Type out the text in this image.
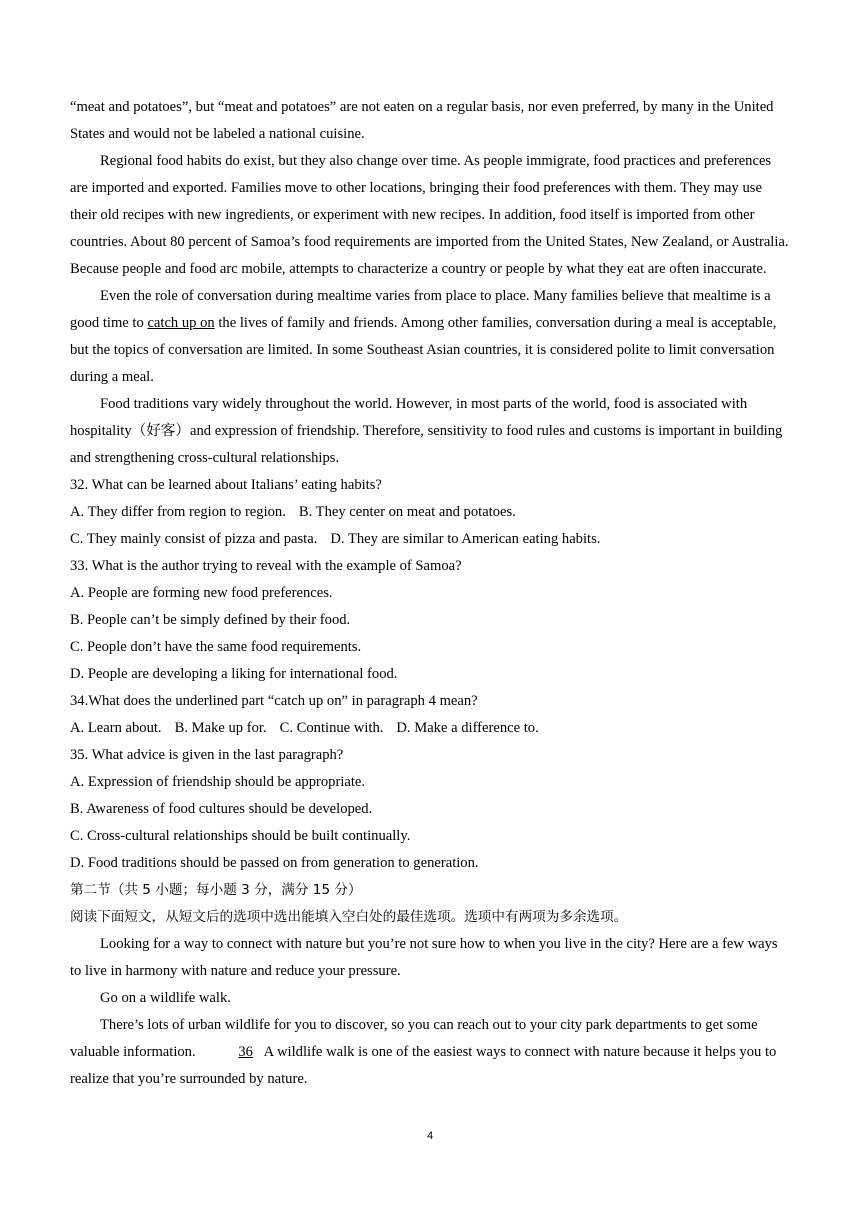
“meat and potatoes”, but “meat and potatoes” are not eaten on a regular basis, nor even preferred, by many in the United States and would not be labeled a national cuisine.

Regional food habits do exist, but they also change over time. As people immigrate, food practices and preferences are imported and exported. Families move to other locations, bringing their food preferences with them. They may use their old recipes with new ingredients, or experiment with new recipes. In addition, food itself is imported from other countries. About 80 percent of Samoa’s food requirements are imported from the United States, New Zealand, or Australia. Because people and food arc mobile, attempts to characterize a country or people by what they eat are often inaccurate.

Even the role of conversation during mealtime varies from place to place. Many families believe that mealtime is a good time to catch up on the lives of family and friends. Among other families, conversation during a meal is acceptable, but the topics of conversation are limited. In some Southeast Asian countries, it is considered polite to limit conversation during a meal.

Food traditions vary widely throughout the world. However, in most parts of the world, food is associated with hospitality（好客）and expression of friendship. Therefore, sensitivity to food rules and customs is important in building and strengthening cross-cultural relationships.

32. What can be learned about Italians’ eating habits?

A. They differ from region to region. B. They center on meat and potatoes.

C. They mainly consist of pizza and pasta. D. They are similar to American eating habits.

33. What is the author trying to reveal with the example of Samoa?

A. People are forming new food preferences.

B. People can’t be simply defined by their food.

C. People don’t have the same food requirements.

D. People are developing a liking for international food.

34.What does the underlined part “catch up on” in paragraph 4 mean?

A. Learn about. B. Make up for. C. Continue with. D. Make a difference to.

35. What advice is given in the last paragraph?

A. Expression of friendship should be appropriate.

B. Awareness of food cultures should be developed.

C. Cross-cultural relationships should be built continually.

D. Food traditions should be passed on from generation to generation.

第二节（共 5 小题；每小题 3 分，满分 15 分）

阅读下面短文，从短文后的选项中选出能填入空白处的最佳选项。选项中有两项为多余选项。

Looking for a way to connect with nature but you’re not sure how to when you live in the city? Here are a few ways to live in harmony with nature and reduce your pressure.

Go on a wildlife walk.

There’s lots of urban wildlife for you to discover, so you can reach out to your city park departments to get some valuable information.	36 A wildlife walk is one of the easiest ways to connect with nature because it helps you to realize that you’re surrounded by nature.

4
